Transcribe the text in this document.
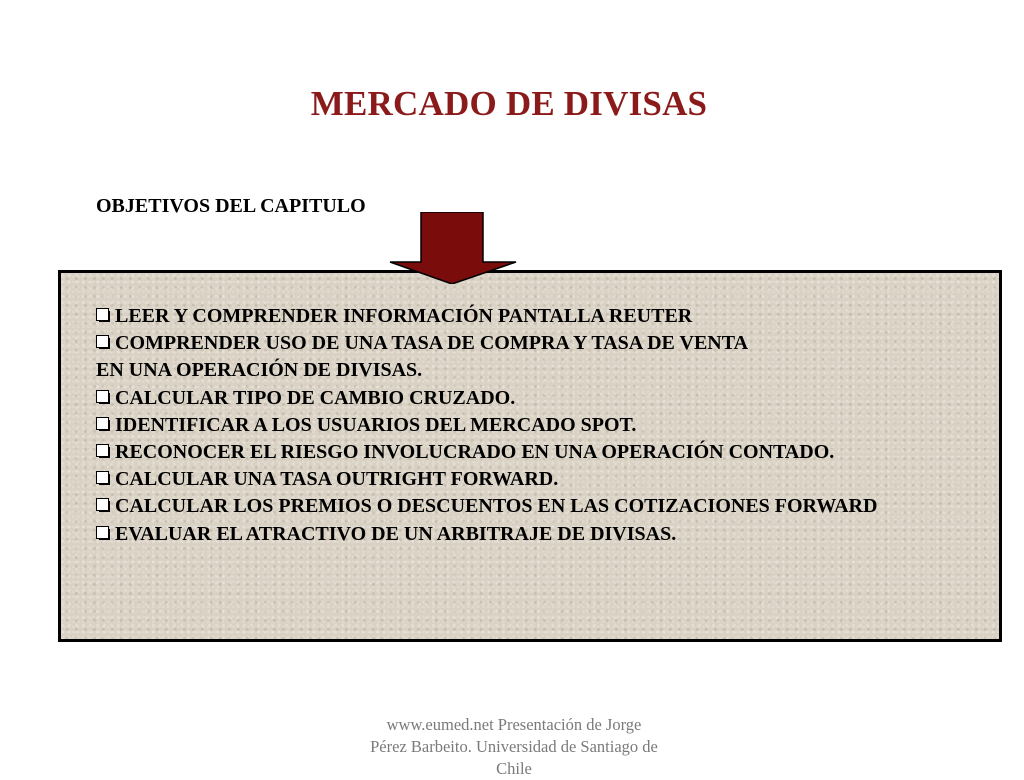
MERCADO DE DIVISAS
OBJETIVOS DEL CAPITULO
LEER Y COMPRENDER INFORMACIÓN PANTALLA REUTER
COMPRENDER USO DE UNA TASA DE COMPRA Y TASA DE VENTA
EN UNA OPERACIÓN DE DIVISAS.
CALCULAR TIPO DE CAMBIO CRUZADO.
IDENTIFICAR A LOS USUARIOS DEL MERCADO SPOT.
RECONOCER EL RIESGO INVOLUCRADO EN UNA OPERACIÓN CONTADO.
CALCULAR UNA TASA OUTRIGHT FORWARD.
CALCULAR LOS PREMIOS O DESCUENTOS EN LAS COTIZACIONES FORWARD
EVALUAR EL ATRACTIVO DE UN ARBITRAJE DE DIVISAS.
www.eumed.net Presentación de Jorge
Pérez Barbeito. Universidad de Santiago de
Chile
